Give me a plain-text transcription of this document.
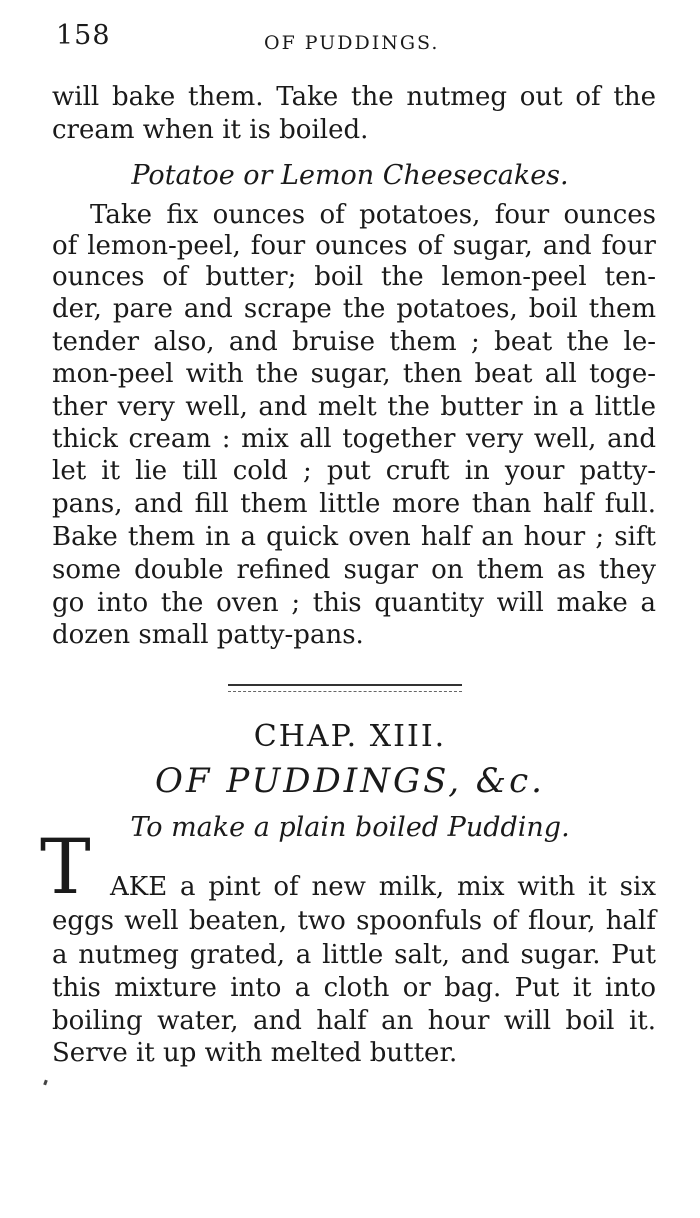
158	OF PUDDINGS.
will bake them. Take the nutmeg out of the
cream when it is boiled.
Potatoe or Lemon Cheesecakes.
Take fix ounces of potatoes, four ounces
of lemon-peel, four ounces of sugar, and four
ounces of butter; boil the lemon-peel ten-
der, pare and scrape the potatoes, boil them
tender also, and bruise them ; beat the le-
mon-peel with the sugar, then beat all toge-
ther very well, and melt the butter in a little
thick cream : mix all together very well, and
let it lie till cold ; put cruft in your patty-
pans, and fill them little more than half full.
Bake them in a quick oven half an hour ; sift
some double refined sugar on them as they
go into the oven ; this quantity will make a
dozen small patty-pans.
CHAP. XIII.
OF PUDDINGS, &c.
To make a plain boiled Pudding.
T AKE a pint of new milk, mix with it six
eggs well beaten, two spoonfuls of flour, half
a nutmeg grated, a little salt, and sugar. Put
this mixture into a cloth or bag. Put it into
boiling water, and half an hour will boil it.
Serve it up with melted butter.
